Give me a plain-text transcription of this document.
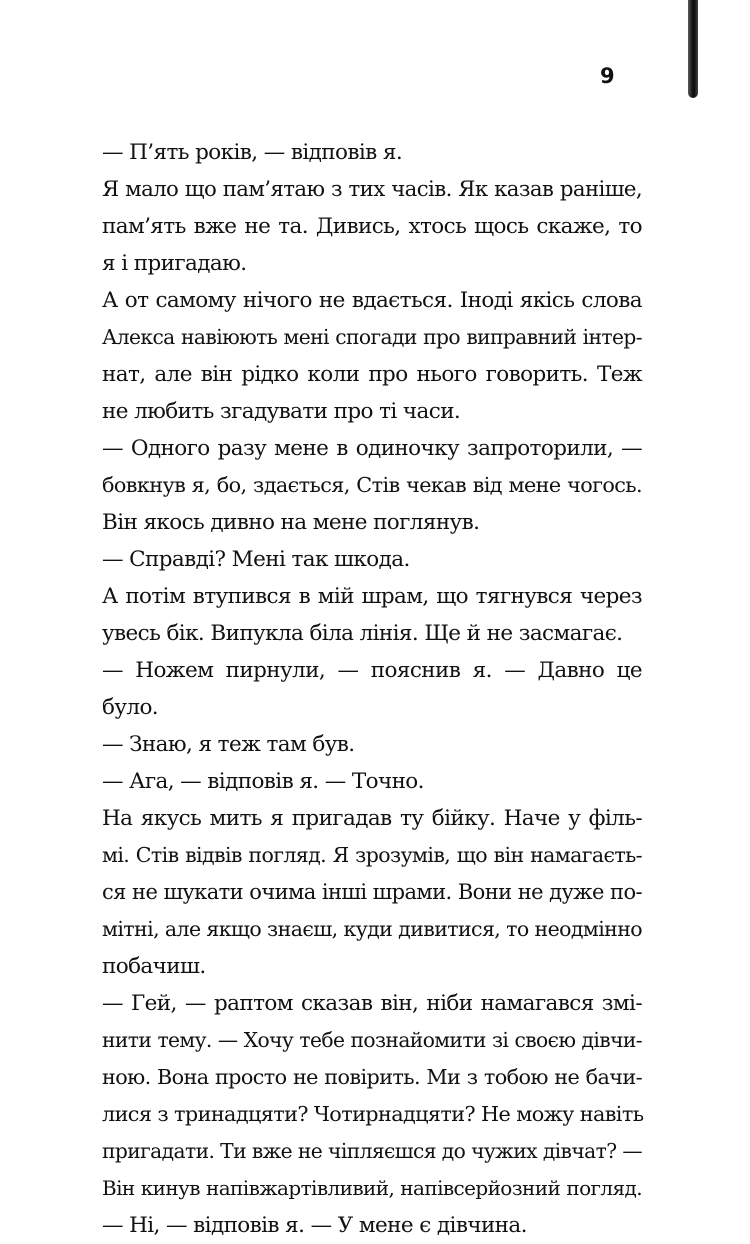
9
— П’ять років, — відповів я.
Я мало що пам’ятаю з тих часів. Як казав раніше,
пам’ять вже не та. Дивись, хтось щось скаже, то
я і пригадаю.
А от самому нічого не вдається. Іноді якісь слова
Алекса навіюють мені спогади про виправний інтер-
нат, але він рідко коли про нього говорить. Теж
не любить згадувати про ті часи.
— Одного разу мене в одиночку запроторили, —
бовкнув я, бо, здається, Стів чекав від мене чогось.
Він якось дивно на мене поглянув.
— Справді? Мені так шкода.
А потім втупився в мій шрам, що тягнувся через
увесь бік. Випукла біла лінія. Ще й не засмагає.
— Ножем пирнули, — пояснив я. — Давно це
було.
— Знаю, я теж там був.
— Ага, — відповів я. — Точно.
На якусь мить я пригадав ту бійку. Наче у філь-
мі. Стів відвів погляд. Я зрозумів, що він намагаєть-
ся не шукати очима інші шрами. Вони не дуже по-
мітні, але якщо знаєш, куди дивитися, то неодмінно
побачиш.
— Гей, — раптом сказав він, ніби намагався змі-
нити тему. — Хочу тебе познайомити зі своєю дівчи-
ною. Вона просто не повірить. Ми з тобою не бачи-
лися з тринадцяти? Чотирнадцяти? Не можу навіть
пригадати. Ти вже не чіпляєшся до чужих дівчат? —
Він кинув напівжартівливий, напівсерйозний погляд.
— Ні, — відповів я. — У мене є дівчина.
